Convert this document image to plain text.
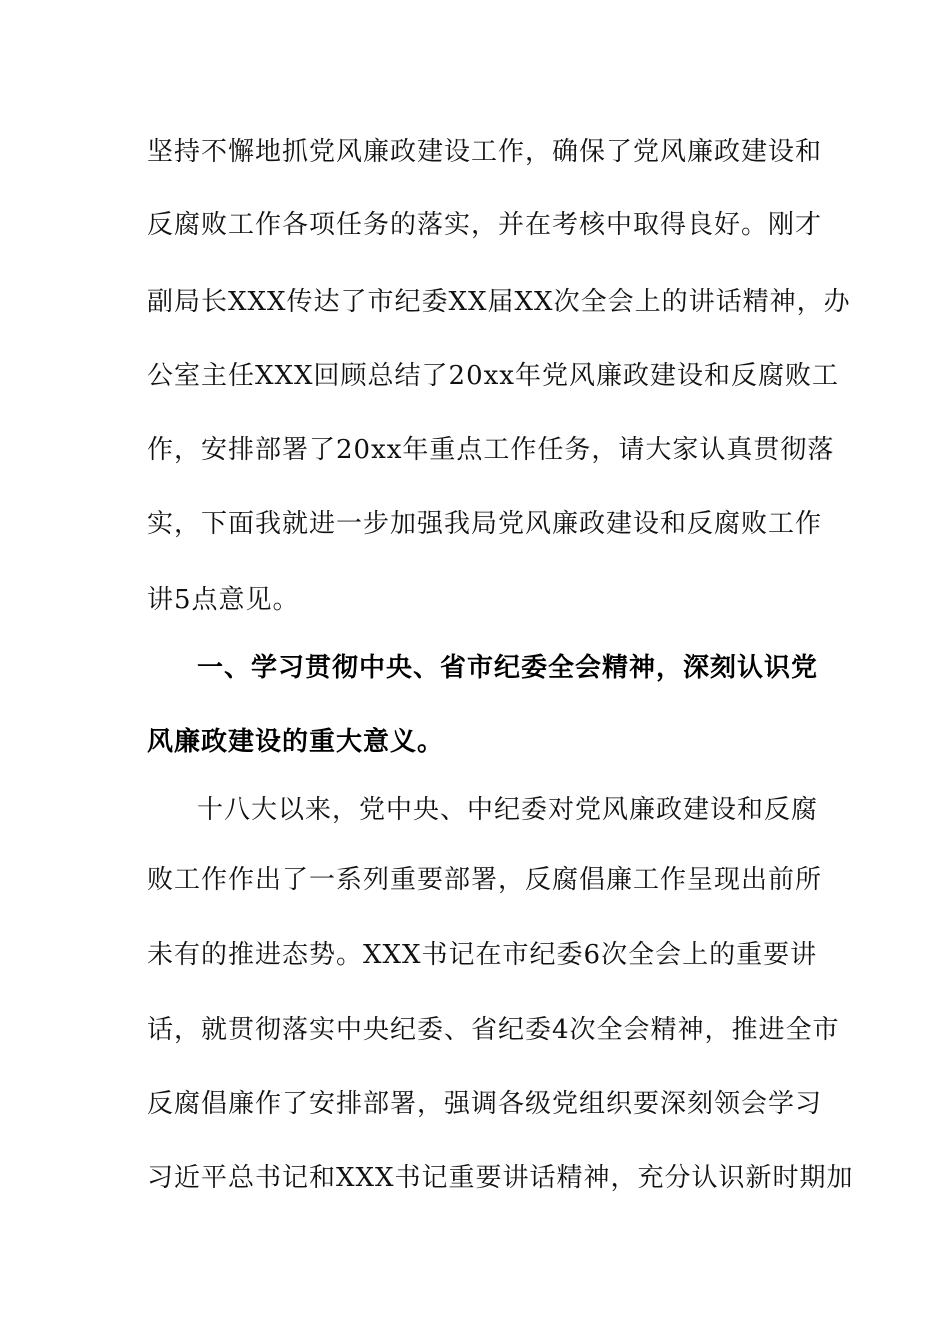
坚持不懈地抓党风廉政建设工作，确保了党风廉政建设和
反腐败工作各项任务的落实，并在考核中取得良好。刚才
副局长XXX传达了市纪委XX届XX次全会上的讲话精神，办
公室主任XXX回顾总结了20xx年党风廉政建设和反腐败工
作，安排部署了20xx年重点工作任务，请大家认真贯彻落
实，下面我就进一步加强我局党风廉政建设和反腐败工作
讲5点意见。
一、学习贯彻中央、省市纪委全会精神，深刻认识党
风廉政建设的重大意义。
十八大以来，党中央、中纪委对党风廉政建设和反腐
败工作作出了一系列重要部署，反腐倡廉工作呈现出前所
未有的推进态势。XXX书记在市纪委6次全会上的重要讲
话，就贯彻落实中央纪委、省纪委4次全会精神，推进全市
反腐倡廉作了安排部署，强调各级党组织要深刻领会学习
习近平总书记和XXX书记重要讲话精神，充分认识新时期加
